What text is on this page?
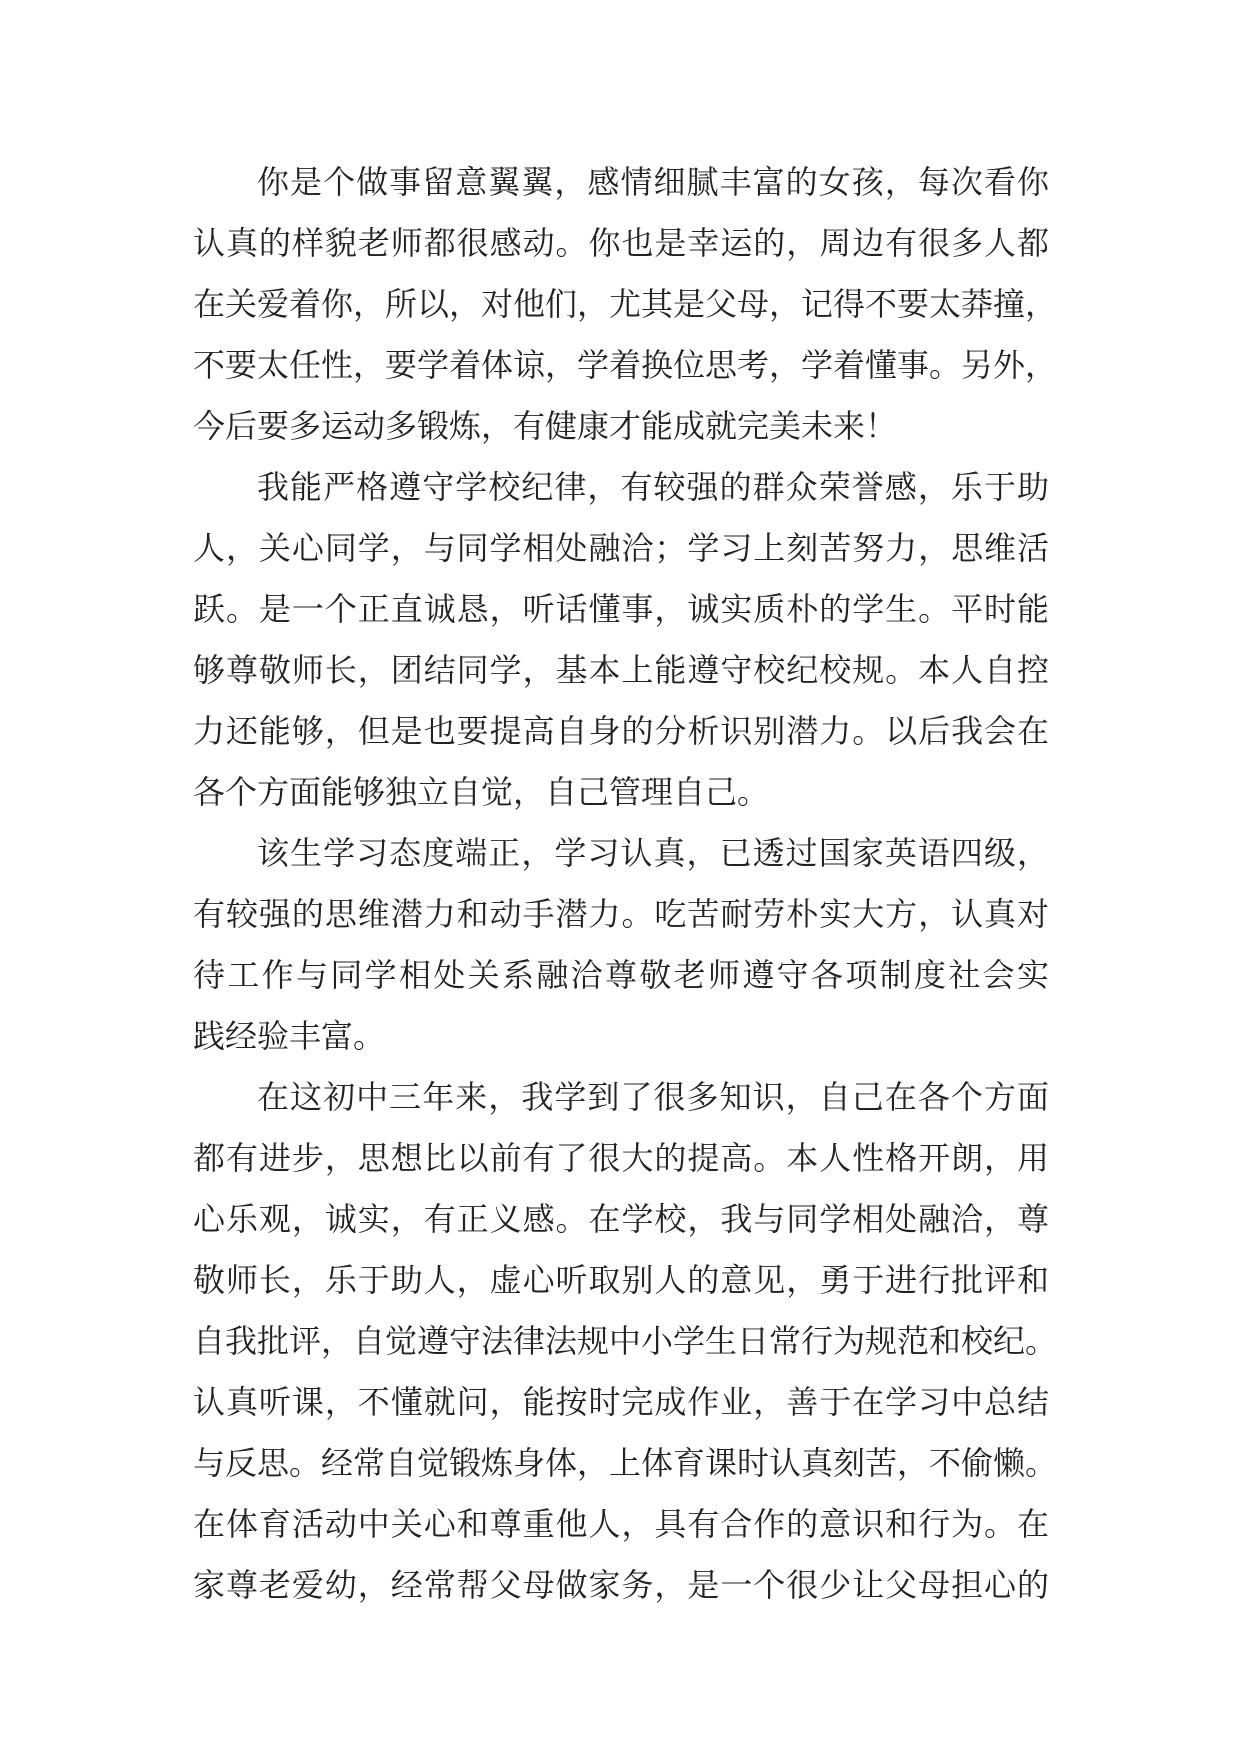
你是个做事留意翼翼，感情细腻丰富的女孩，每次看你
认真的样貌老师都很感动。你也是幸运的，周边有很多人都
在关爱着你，所以，对他们，尤其是父母，记得不要太莽撞，
不要太任性，要学着体谅，学着换位思考，学着懂事。另外，
今后要多运动多锻炼，有健康才能成就完美未来！

我能严格遵守学校纪律，有较强的群众荣誉感，乐于助
人，关心同学，与同学相处融洽；学习上刻苦努力，思维活
跃。是一个正直诚恳，听话懂事，诚实质朴的学生。平时能
够尊敬师长，团结同学，基本上能遵守校纪校规。本人自控
力还能够，但是也要提高自身的分析识别潜力。以后我会在
各个方面能够独立自觉，自己管理自己。

该生学习态度端正，学习认真，已透过国家英语四级，
有较强的思维潜力和动手潜力。吃苦耐劳朴实大方，认真对
待工作与同学相处关系融洽尊敬老师遵守各项制度社会实
践经验丰富。

在这初中三年来，我学到了很多知识，自己在各个方面
都有进步，思想比以前有了很大的提高。本人性格开朗，用
心乐观，诚实，有正义感。在学校，我与同学相处融洽，尊
敬师长，乐于助人，虚心听取别人的意见，勇于进行批评和
自我批评，自觉遵守法律法规中小学生日常行为规范和校纪。
认真听课，不懂就问，能按时完成作业，善于在学习中总结
与反思。经常自觉锻炼身体，上体育课时认真刻苦，不偷懒。
在体育活动中关心和尊重他人，具有合作的意识和行为。在
家尊老爱幼，经常帮父母做家务，是一个很少让父母担心的
